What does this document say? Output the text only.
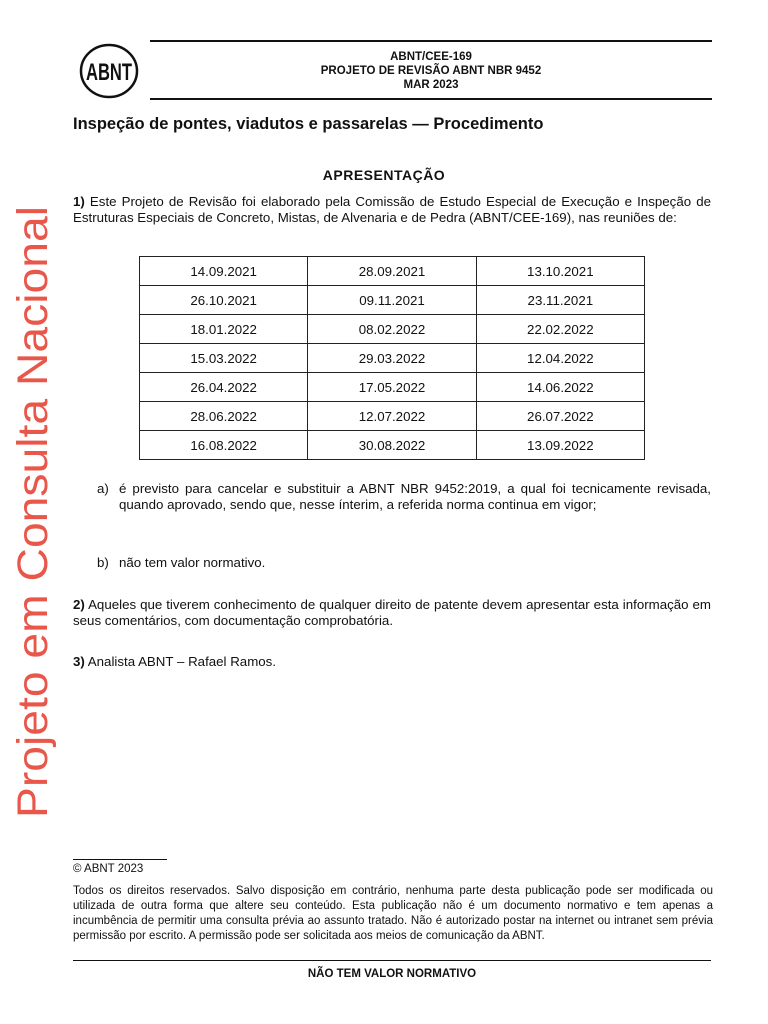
Projeto em Consulta Nacional
ABNT
ABNT/CEE-169
PROJETO DE REVISÃO ABNT NBR 9452
MAR 2023
Inspeção de pontes, viadutos e passarelas — Procedimento
APRESENTAÇÃO
1) Este Projeto de Revisão foi elaborado pela Comissão de Estudo Especial de Execução e Inspeção de Estruturas Especiais de Concreto, Mistas, de Alvenaria e de Pedra (ABNT/CEE-169), nas reuniões de:
14.09.2021	28.09.2021	13.10.2021
26.10.2021	09.11.2021	23.11.2021
18.01.2022	08.02.2022	22.02.2022
15.03.2022	29.03.2022	12.04.2022
26.04.2022	17.05.2022	14.06.2022
28.06.2022	12.07.2022	26.07.2022
16.08.2022	30.08.2022	13.09.2022
a) é previsto para cancelar e substituir a ABNT NBR 9452:2019, a qual foi tecnicamente revisada, quando aprovado, sendo que, nesse ínterim, a referida norma continua em vigor;
b) não tem valor normativo.
2) Aqueles que tiverem conhecimento de qualquer direito de patente devem apresentar esta informação em seus comentários, com documentação comprobatória.
3) Analista ABNT – Rafael Ramos.
© ABNT 2023
Todos os direitos reservados. Salvo disposição em contrário, nenhuma parte desta publicação pode ser modificada ou utilizada de outra forma que altere seu conteúdo. Esta publicação não é um documento normativo e tem apenas a incumbência de permitir uma consulta prévia ao assunto tratado. Não é autorizado postar na internet ou intranet sem prévia permissão por escrito. A permissão pode ser solicitada aos meios de comunicação da ABNT.
NÃO TEM VALOR NORMATIVO
